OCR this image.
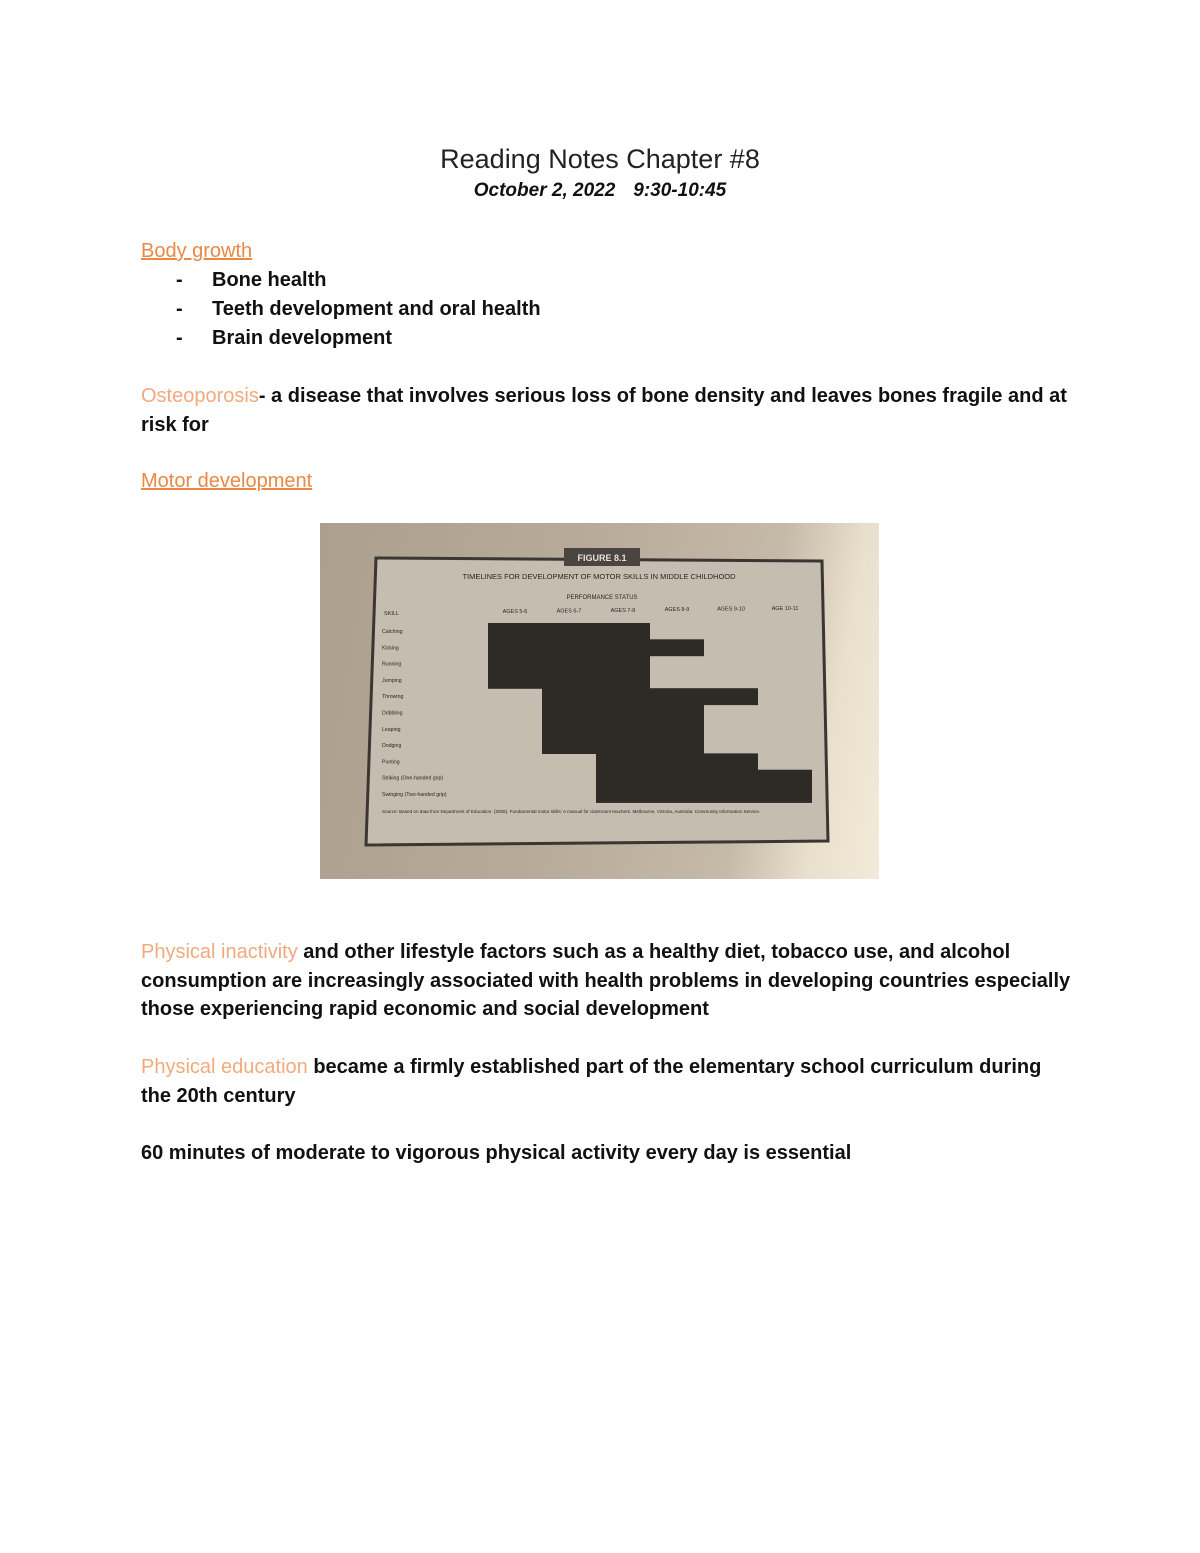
Reading Notes Chapter #8
October 2, 2022 9:30-10:45
Body growth
- Bone health
- Teeth development and oral health
- Brain development

Osteoporosis- a disease that involves serious loss of bone density and leaves bones fragile and at risk for

Motor development
FIGURE 8.1
TIMELINES FOR DEVELOPMENT OF MOTOR SKILLS IN MIDDLE CHILDHOOD
PERFORMANCE STATUS
SKILL	AGES 5-6	AGES 6-7	AGES 7-8	AGES 8-9	AGES 9-10	AGE 10-11
Catching
Kicking
Running
Jumping
Throwing
Dribbling
Leaping
Dodging
Punting
Striking (One-handed grip)
Swinging (Two-handed grip)
Source: Based on data from Department of Education. (2009). Fundamental motor skills: A manual for classroom teachers. Melbourne, Victoria, Australia: Community Information Service.

Physical inactivity and other lifestyle factors such as a healthy diet, tobacco use, and alcohol consumption are increasingly associated with health problems in developing countries especially those experiencing rapid economic and social development

Physical education became a firmly established part of the elementary school curriculum during the 20th century

60 minutes of moderate to vigorous physical activity every day is essential
